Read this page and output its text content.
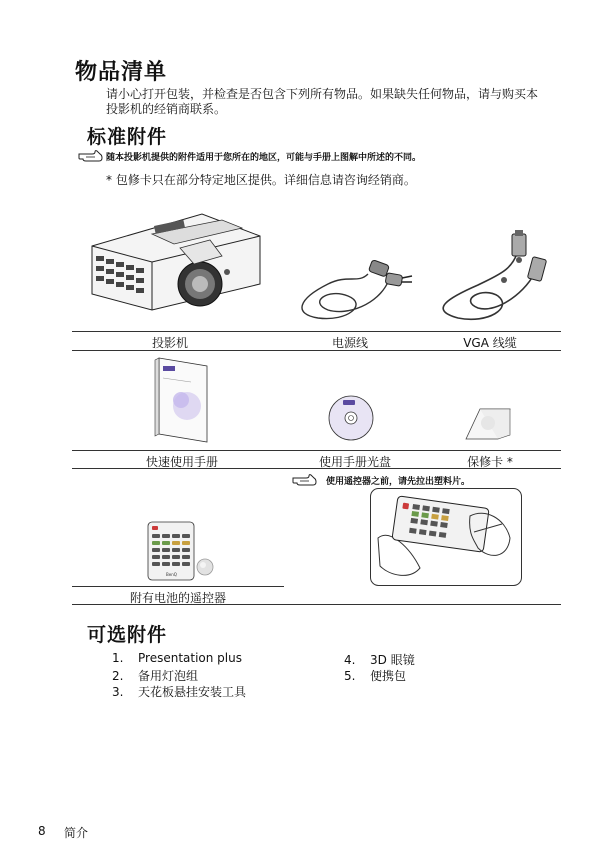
物品清单
请小心打开包装，并检查是否包含下列所有物品。如果缺失任何物品，请与购买本
投影机的经销商联系。
标准附件
随本投影机提供的附件适用于您所在的地区，可能与手册上图解中所述的不同。
* 包修卡只在部分特定地区提供。详细信息请咨询经销商。
投影机	电源线	VGA 线缆
快速使用手册	使用手册光盘	保修卡 *
BenQ
附有电池的遥控器
使用遥控器之前，请先拉出塑料片。
可选附件
1. Presentation plus
2. 备用灯泡组
3. 天花板悬挂安装工具
4. 3D 眼镜
5. 便携包
8 简介
